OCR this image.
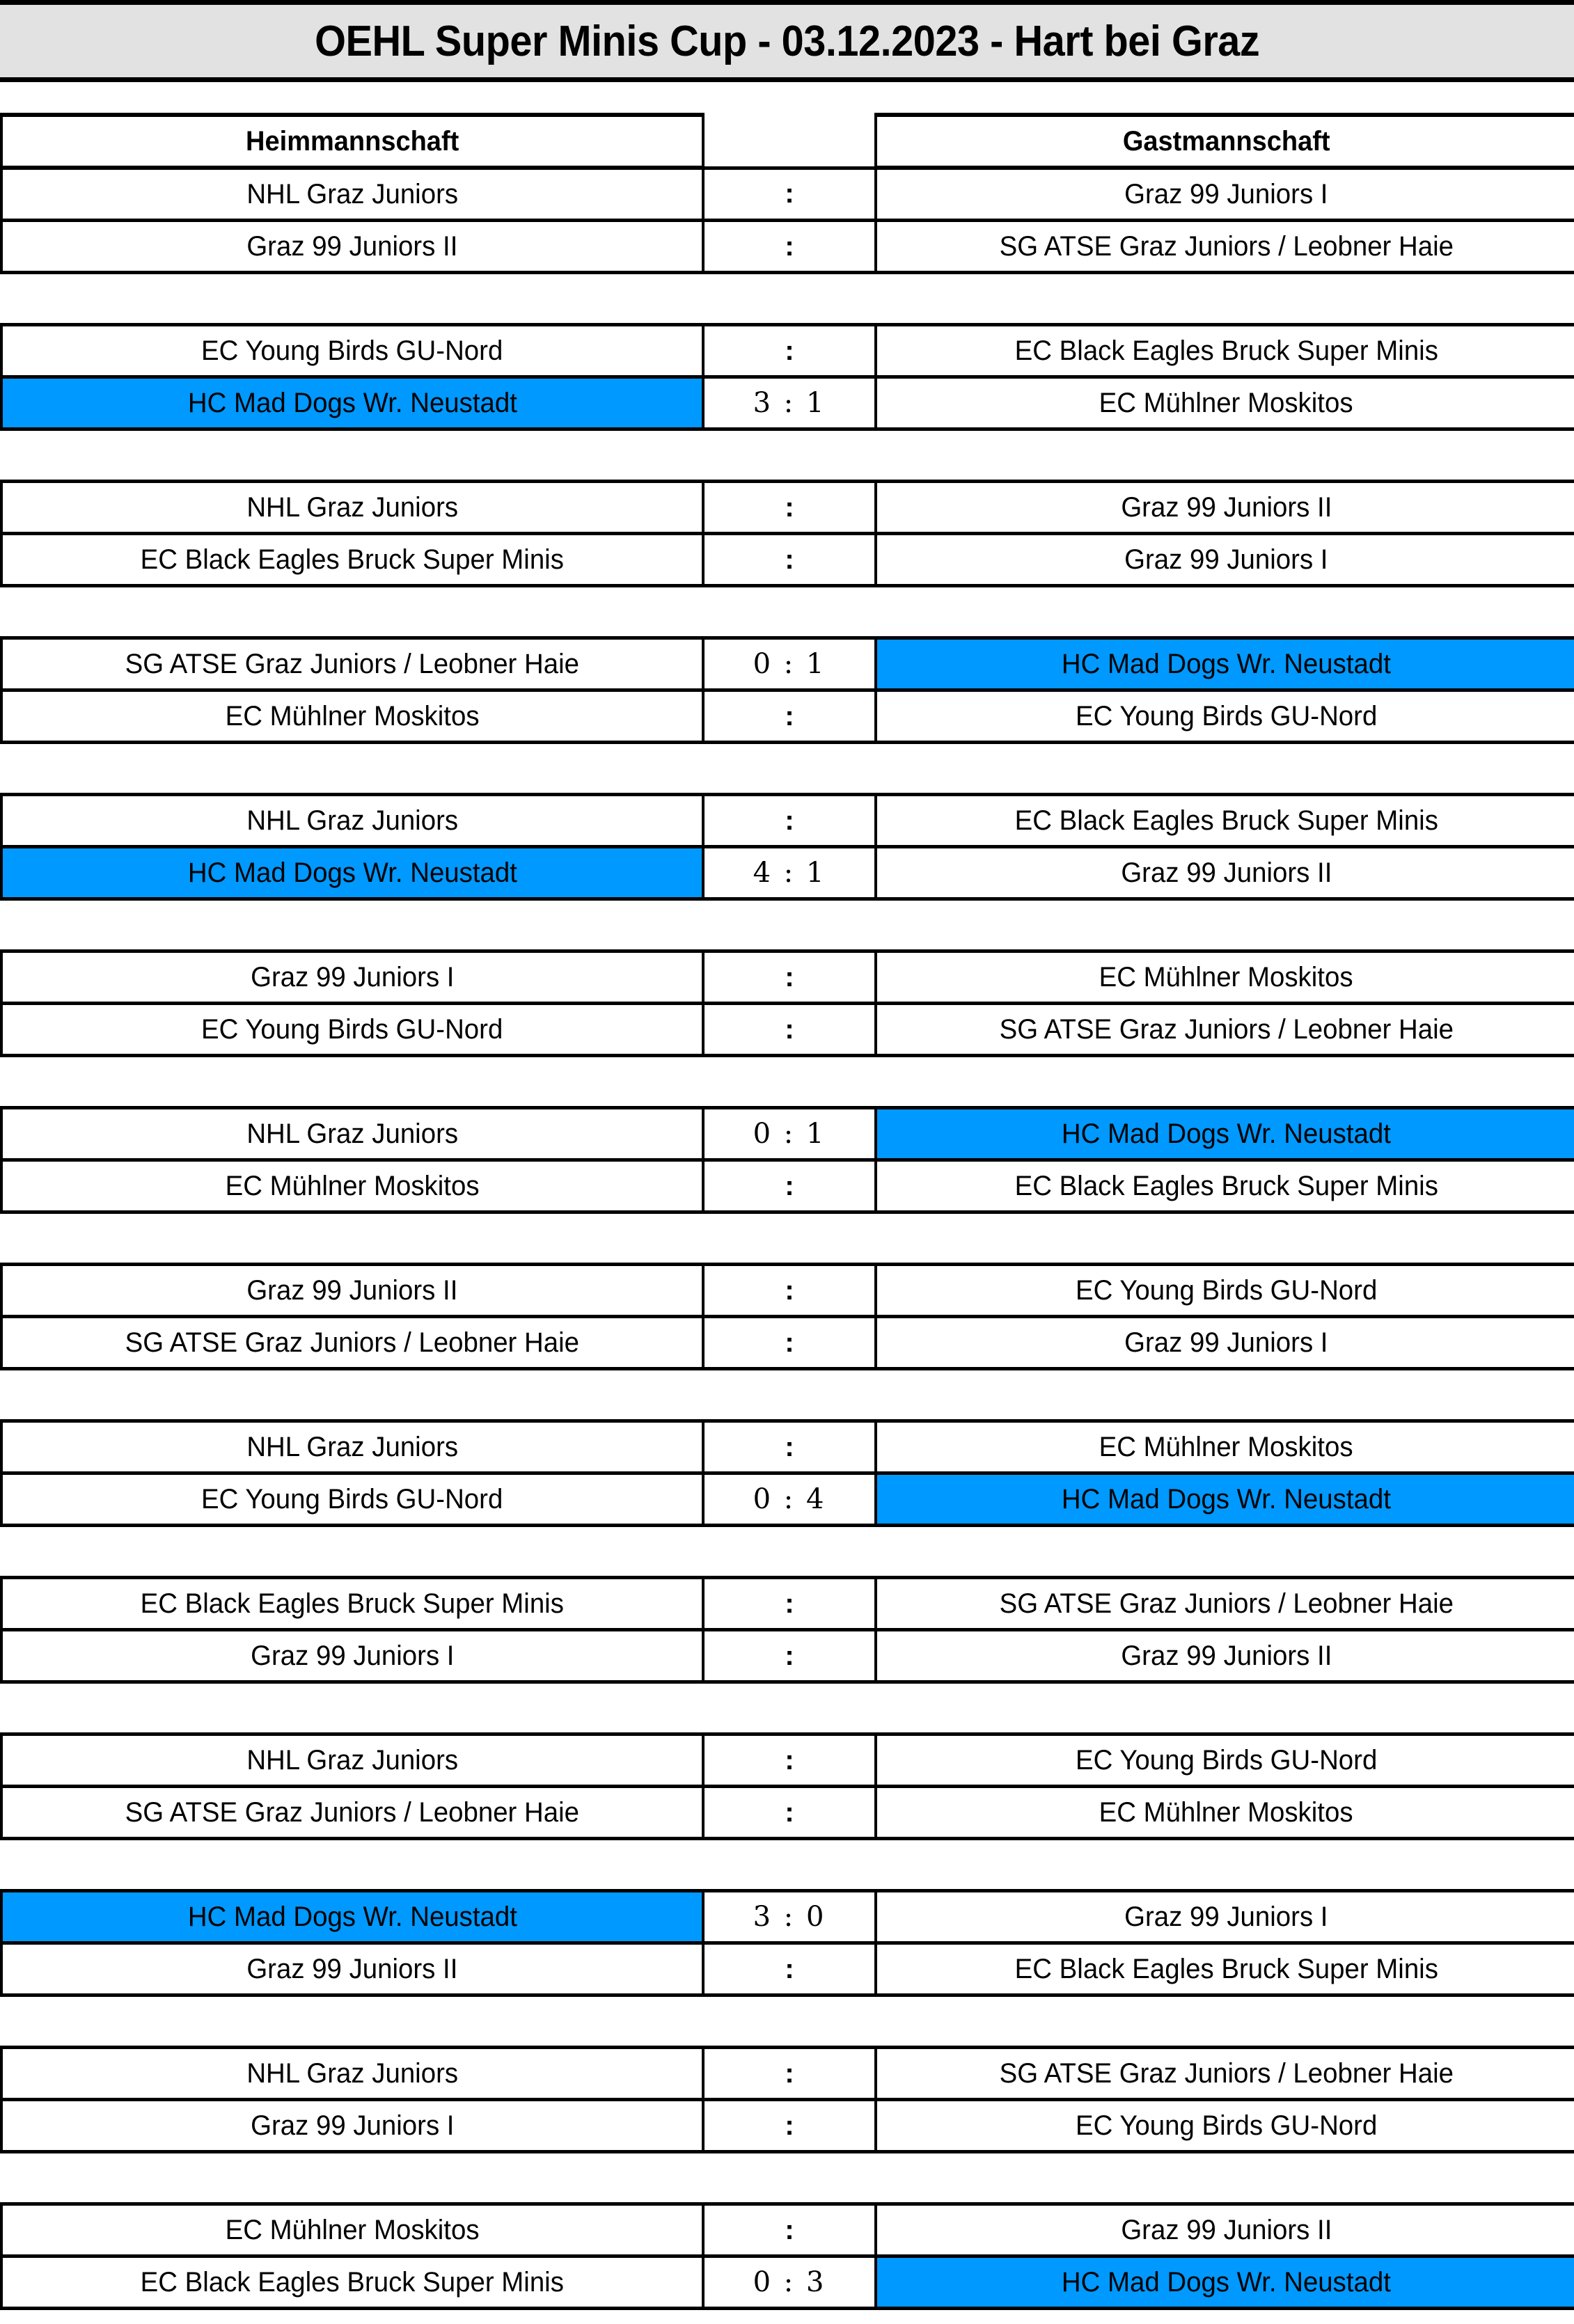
OEHL Super Minis Cup - 03.12.2023 - Hart bei Graz
Heimmannschaft		Gastmannschaft
NHL Graz Juniors	:	Graz 99 Juniors I
Graz 99 Juniors II	:	SG ATSE Graz Juniors / Leobner Haie

EC Young Birds GU-Nord	:	EC Black Eagles Bruck Super Minis
HC Mad Dogs Wr. Neustadt	3 : 1	EC Mühlner Moskitos

NHL Graz Juniors	:	Graz 99 Juniors II
EC Black Eagles Bruck Super Minis	:	Graz 99 Juniors I

SG ATSE Graz Juniors / Leobner Haie	0 : 1	HC Mad Dogs Wr. Neustadt
EC Mühlner Moskitos	:	EC Young Birds GU-Nord

NHL Graz Juniors	:	EC Black Eagles Bruck Super Minis
HC Mad Dogs Wr. Neustadt	4 : 1	Graz 99 Juniors II

Graz 99 Juniors I	:	EC Mühlner Moskitos
EC Young Birds GU-Nord	:	SG ATSE Graz Juniors / Leobner Haie

NHL Graz Juniors	0 : 1	HC Mad Dogs Wr. Neustadt
EC Mühlner Moskitos	:	EC Black Eagles Bruck Super Minis

Graz 99 Juniors II	:	EC Young Birds GU-Nord
SG ATSE Graz Juniors / Leobner Haie	:	Graz 99 Juniors I

NHL Graz Juniors	:	EC Mühlner Moskitos
EC Young Birds GU-Nord	0 : 4	HC Mad Dogs Wr. Neustadt

EC Black Eagles Bruck Super Minis	:	SG ATSE Graz Juniors / Leobner Haie
Graz 99 Juniors I	:	Graz 99 Juniors II

NHL Graz Juniors	:	EC Young Birds GU-Nord
SG ATSE Graz Juniors / Leobner Haie	:	EC Mühlner Moskitos

HC Mad Dogs Wr. Neustadt	3 : 0	Graz 99 Juniors I
Graz 99 Juniors II	:	EC Black Eagles Bruck Super Minis

NHL Graz Juniors	:	SG ATSE Graz Juniors / Leobner Haie
Graz 99 Juniors I	:	EC Young Birds GU-Nord

EC Mühlner Moskitos	:	Graz 99 Juniors II
EC Black Eagles Bruck Super Minis	0 : 3	HC Mad Dogs Wr. Neustadt
